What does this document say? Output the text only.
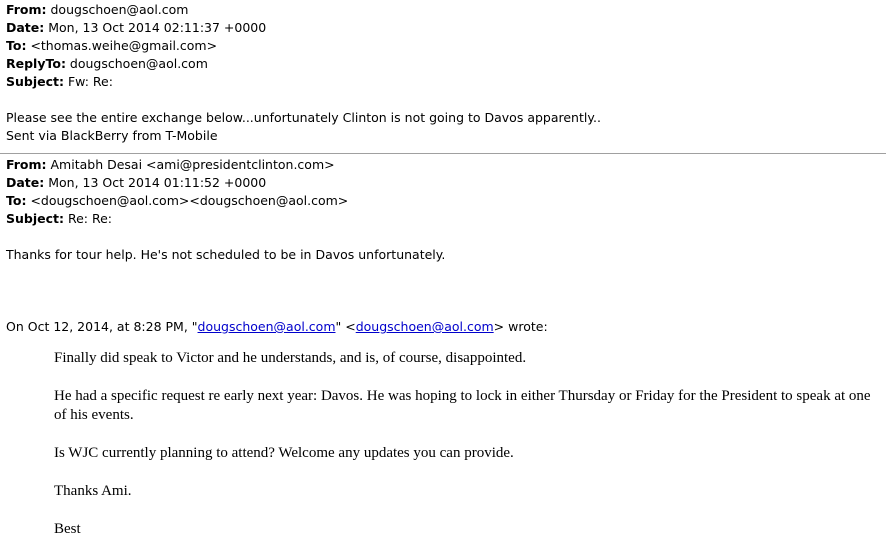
From: dougschoen@aol.com
Date: Mon, 13 Oct 2014 02:11:37 +0000
To: <thomas.weihe@gmail.com>
ReplyTo: dougschoen@aol.com
Subject: Fw: Re:
Please see the entire exchange below...unfortunately Clinton is not going to Davos apparently..
Sent via BlackBerry from T-Mobile
From: Amitabh Desai <ami@presidentclinton.com>
Date: Mon, 13 Oct 2014 01:11:52 +0000
To: <dougschoen@aol.com><dougschoen@aol.com>
Subject: Re: Re:
Thanks for tour help. He's not scheduled to be in Davos unfortunately.
On Oct 12, 2014, at 8:28 PM, "dougschoen@aol.com" <dougschoen@aol.com> wrote:

Finally did speak to Victor and he understands, and is, of course, disappointed.

He had a specific request re early next year: Davos. He was hoping to lock in either Thursday or Friday for the President to speak at one of his events.

Is WJC currently planning to attend? Welcome any updates you can provide.

Thanks Ami.

Best
